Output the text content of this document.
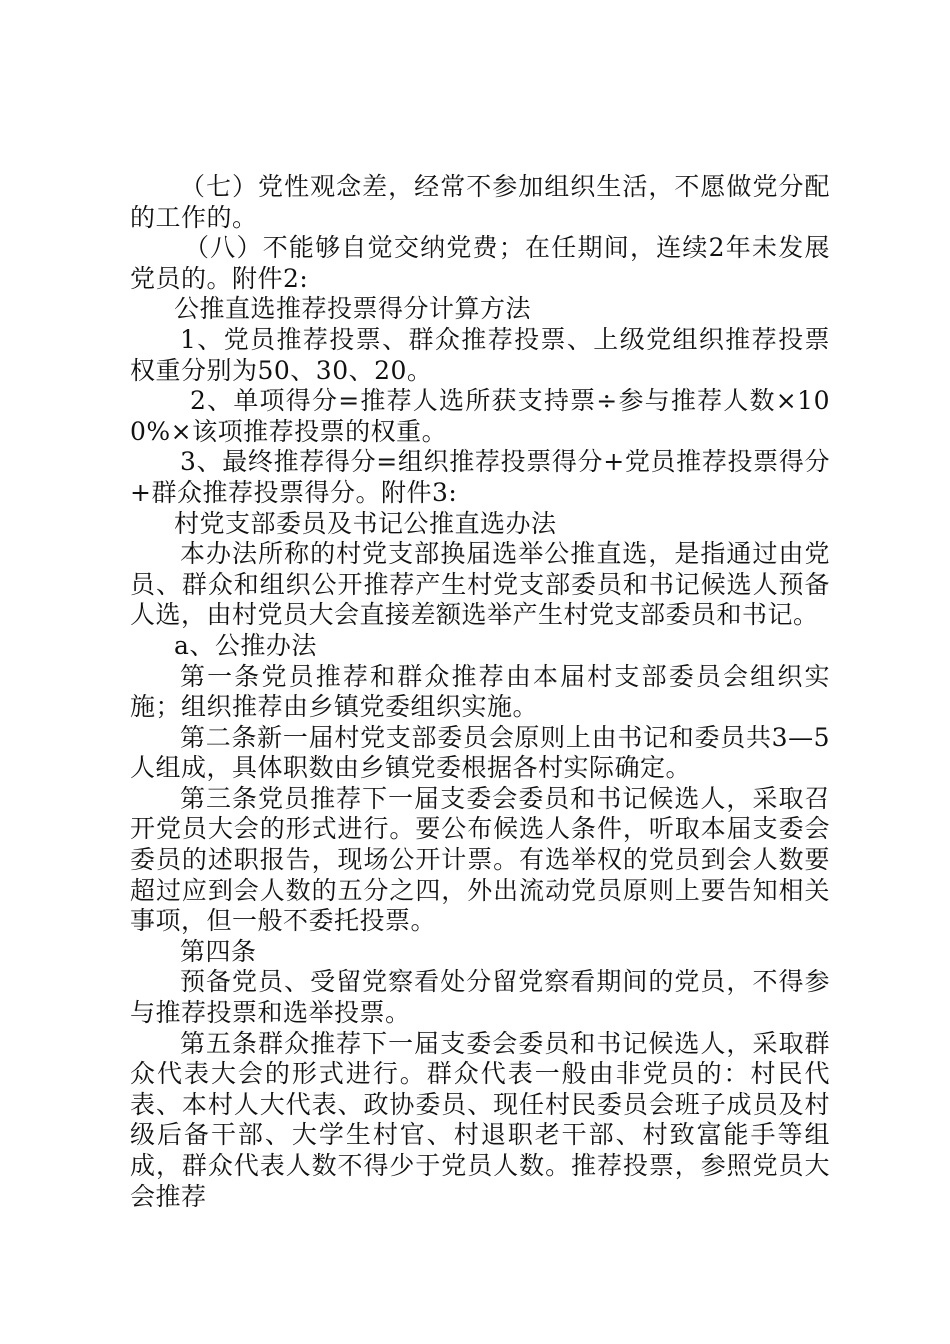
（七）党性观念差，经常不参加组织生活，不愿做党分配的工作的。

（八）不能够自觉交纳党费；在任期间，连续2年未发展党员的。附件2:

公推直选推荐投票得分计算方法

1、党员推荐投票、群众推荐投票、上级党组织推荐投票权重分别为50、30、20。

2、单项得分=推荐人选所获支持票÷参与推荐人数×100%×该项推荐投票的权重。

3、最终推荐得分=组织推荐投票得分+党员推荐投票得分+群众推荐投票得分。附件3:

村党支部委员及书记公推直选办法

本办法所称的村党支部换届选举公推直选，是指通过由党员、群众和组织公开推荐产生村党支部委员和书记候选人预备人选，由村党员大会直接差额选举产生村党支部委员和书记。

a、公推办法

第一条党员推荐和群众推荐由本届村支部委员会组织实施；组织推荐由乡镇党委组织实施。

第二条新一届村党支部委员会原则上由书记和委员共3—5人组成，具体职数由乡镇党委根据各村实际确定。

第三条党员推荐下一届支委会委员和书记候选人，采取召开党员大会的形式进行。要公布候选人条件，听取本届支委会委员的述职报告，现场公开计票。有选举权的党员到会人数要超过应到会人数的五分之四，外出流动党员原则上要告知相关事项，但一般不委托投票。

第四条

预备党员、受留党察看处分留党察看期间的党员，不得参与推荐投票和选举投票。

第五条群众推荐下一届支委会委员和书记候选人，采取群众代表大会的形式进行。群众代表一般由非党员的：村民代表、本村人大代表、政协委员、现任村民委员会班子成员及村级后备干部、大学生村官、村退职老干部、村致富能手等组成，群众代表人数不得少于党员人数。推荐投票，参照党员大会推荐
